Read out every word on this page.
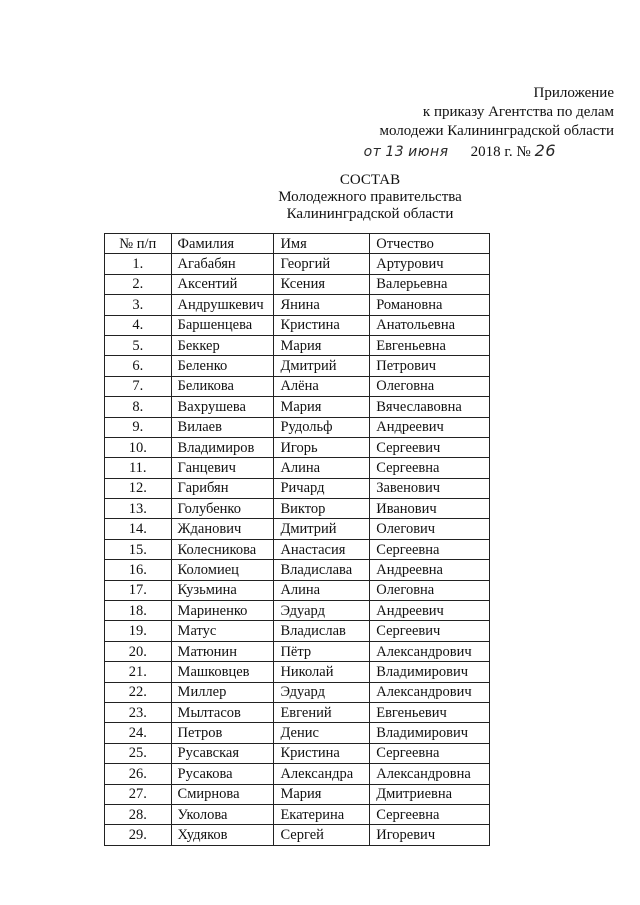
Приложение
к приказу Агентства по делам
молодежи Калининградской области
от 13 июня 2018 г. № 26
СОСТАВ
Молодежного правительства
Калининградской области
№ п/п	Фамилия	Имя	Отчество
1.	Агабабян	Георгий	Артурович
2.	Аксентий	Ксения	Валерьевна
3.	Андрушкевич	Янина	Романовна
4.	Баршенцева	Кристина	Анатольевна
5.	Беккер	Мария	Евгеньевна
6.	Беленко	Дмитрий	Петрович
7.	Беликова	Алёна	Олеговна
8.	Вахрушева	Мария	Вячеславовна
9.	Вилаев	Рудольф	Андреевич
10.	Владимиров	Игорь	Сергеевич
11.	Ганцевич	Алина	Сергеевна
12.	Гарибян	Ричард	Завенович
13.	Голубенко	Виктор	Иванович
14.	Жданович	Дмитрий	Олегович
15.	Колесникова	Анастасия	Сергеевна
16.	Коломиец	Владислава	Андреевна
17.	Кузьмина	Алина	Олеговна
18.	Мариненко	Эдуард	Андреевич
19.	Матус	Владислав	Сергеевич
20.	Матюнин	Пётр	Александрович
21.	Машковцев	Николай	Владимирович
22.	Миллер	Эдуард	Александрович
23.	Мылтасов	Евгений	Евгеньевич
24.	Петров	Денис	Владимирович
25.	Русавская	Кристина	Сергеевна
26.	Русакова	Александра	Александровна
27.	Смирнова	Мария	Дмитриевна
28.	Уколова	Екатерина	Сергеевна
29.	Худяков	Сергей	Игоревич
